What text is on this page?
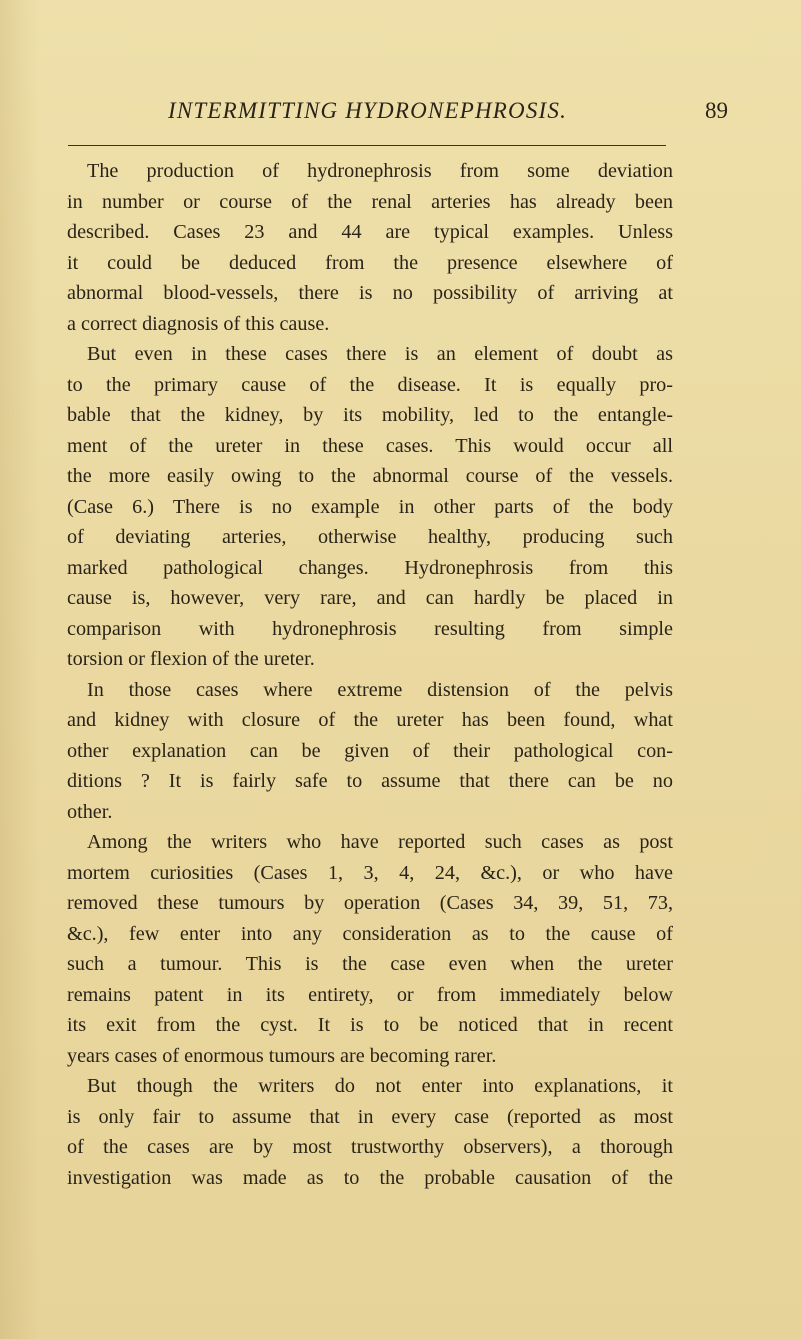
INTERMITTING HYDRONEPHROSIS.	89
The production of hydronephrosis from some deviation
in number or course of the renal arteries has already been
described. Cases 23 and 44 are typical examples. Unless
it could be deduced from the presence elsewhere of
abnormal blood-vessels, there is no possibility of arriving at
a correct diagnosis of this cause.
But even in these cases there is an element of doubt as
to the primary cause of the disease. It is equally pro-
bable that the kidney, by its mobility, led to the entangle-
ment of the ureter in these cases. This would occur all
the more easily owing to the abnormal course of the vessels.
(Case 6.) There is no example in other parts of the body
of deviating arteries, otherwise healthy, producing such
marked pathological changes. Hydronephrosis from this
cause is, however, very rare, and can hardly be placed in
comparison with hydronephrosis resulting from simple
torsion or flexion of the ureter.
In those cases where extreme distension of the pelvis
and kidney with closure of the ureter has been found, what
other explanation can be given of their pathological con-
ditions ? It is fairly safe to assume that there can be no
other.
Among the writers who have reported such cases as post
mortem curiosities (Cases 1, 3, 4, 24, &c.), or who have
removed these tumours by operation (Cases 34, 39, 51, 73,
&c.), few enter into any consideration as to the cause of
such a tumour. This is the case even when the ureter
remains patent in its entirety, or from immediately below
its exit from the cyst. It is to be noticed that in recent
years cases of enormous tumours are becoming rarer.
But though the writers do not enter into explanations, it
is only fair to assume that in every case (reported as most
of the cases are by most trustworthy observers), a thorough
investigation was made as to the probable causation of the
